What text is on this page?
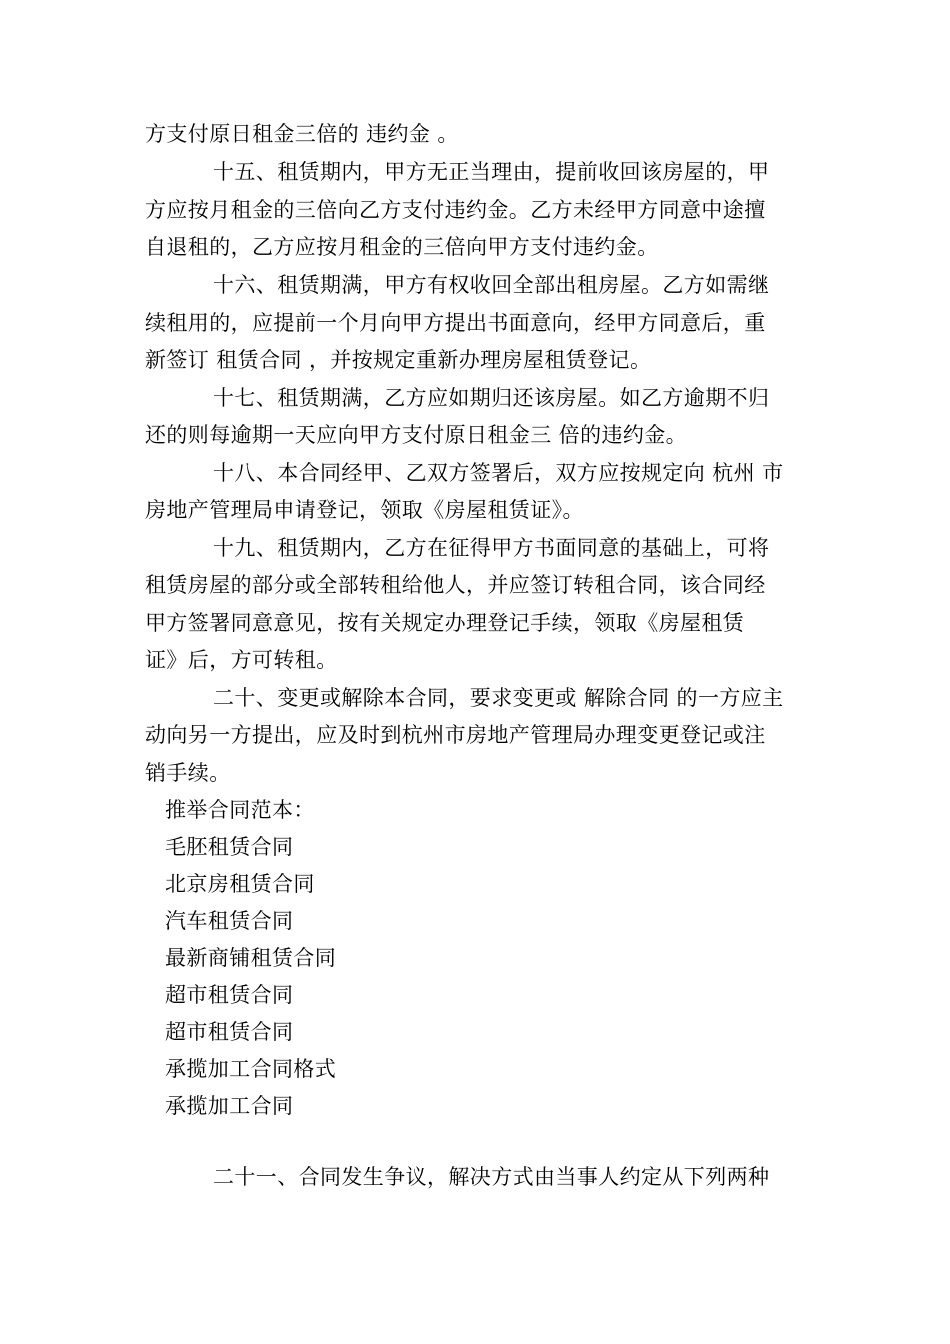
方支付原日租金三倍的 违约金 。
十五、租赁期内，甲方无正当理由，提前收回该房屋的，甲
方应按月租金的三倍向乙方支付违约金。乙方未经甲方同意中途擅
自退租的，乙方应按月租金的三倍向甲方支付违约金。
十六、租赁期满，甲方有权收回全部出租房屋。乙方如需继
续租用的，应提前一个月向甲方提出书面意向，经甲方同意后，重
新签订 租赁合同 ，并按规定重新办理房屋租赁登记。
十七、租赁期满，乙方应如期归还该房屋。如乙方逾期不归
还的则每逾期一天应向甲方支付原日租金三 倍的违约金。
十八、本合同经甲、乙双方签署后，双方应按规定向 杭州 市
房地产管理局申请登记，领取《房屋租赁证》。
十九、租赁期内，乙方在征得甲方书面同意的基础上，可将
租赁房屋的部分或全部转租给他人，并应签订转租合同，该合同经
甲方签署同意意见，按有关规定办理登记手续，领取《房屋租赁
证》后，方可转租。
二十、变更或解除本合同，要求变更或 解除合同 的一方应主
动向另一方提出，应及时到杭州市房地产管理局办理变更登记或注
销手续。
推举合同范本：
毛胚租赁合同
北京房租赁合同
汽车租赁合同
最新商铺租赁合同
超市租赁合同
超市租赁合同
承揽加工合同格式
承揽加工合同
二十一、合同发生争议，解决方式由当事人约定从下列两种
